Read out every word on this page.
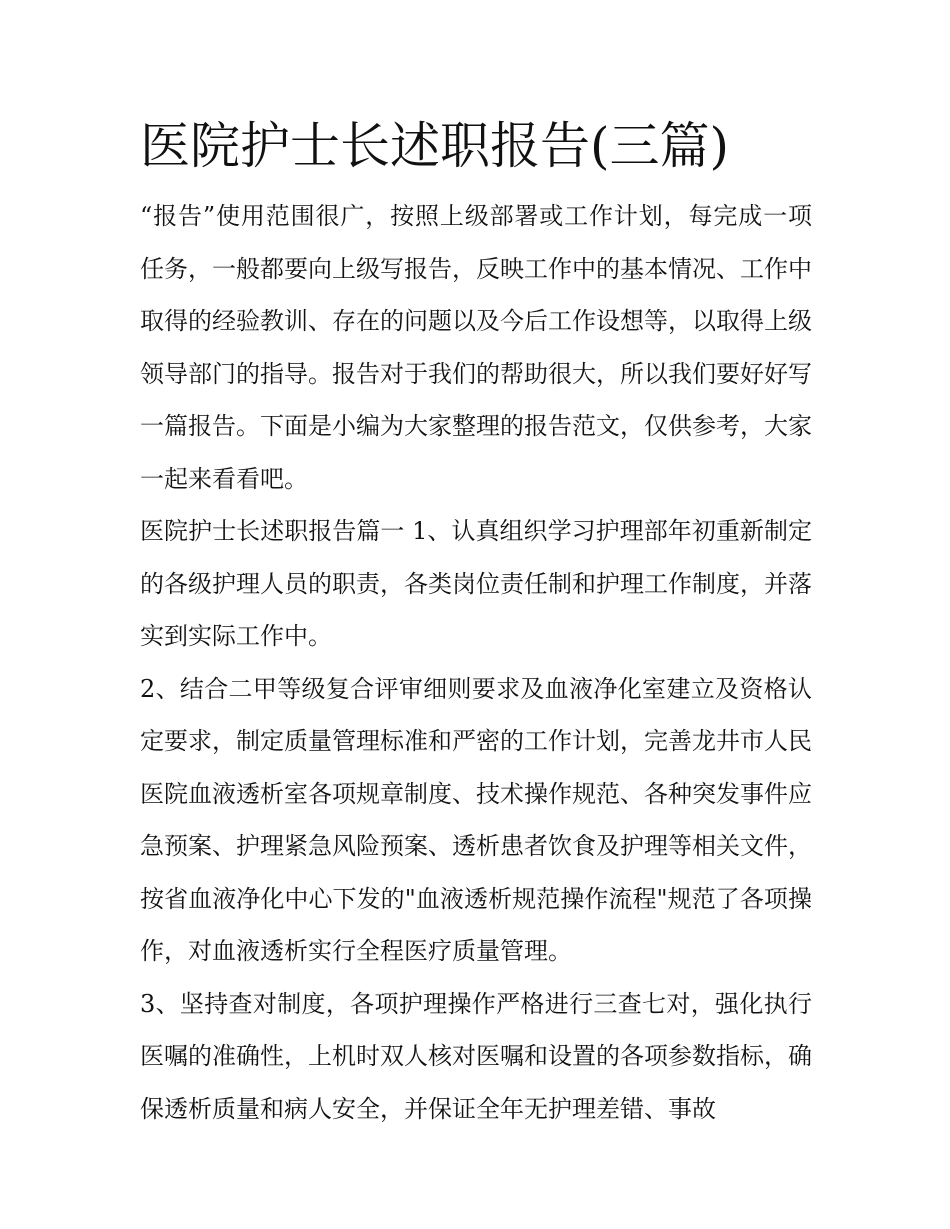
医院护士长述职报告(三篇)

“报告”使用范围很广，按照上级部署或工作计划，每完成一项任务，一般都要向上级写报告，反映工作中的基本情况、工作中取得的经验教训、存在的问题以及今后工作设想等，以取得上级领导部门的指导。报告对于我们的帮助很大，所以我们要好好写一篇报告。下面是小编为大家整理的报告范文，仅供参考，大家一起来看看吧。

医院护士长述职报告篇一 1、认真组织学习护理部年初重新制定的各级护理人员的职责，各类岗位责任制和护理工作制度，并落实到实际工作中。

2、结合二甲等级复合评审细则要求及血液净化室建立及资格认定要求，制定质量管理标准和严密的工作计划，完善龙井市人民医院血液透析室各项规章制度、技术操作规范、各种突发事件应急预案、护理紧急风险预案、透析患者饮食及护理等相关文件，按省血液净化中心下发的"血液透析规范操作流程"规范了各项操作，对血液透析实行全程医疗质量管理。

3、坚持查对制度，各项护理操作严格进行三查七对，强化执行医嘱的准确性，上机时双人核对医嘱和设置的各项参数指标，确保透析质量和病人安全，并保证全年无护理差错、事故
